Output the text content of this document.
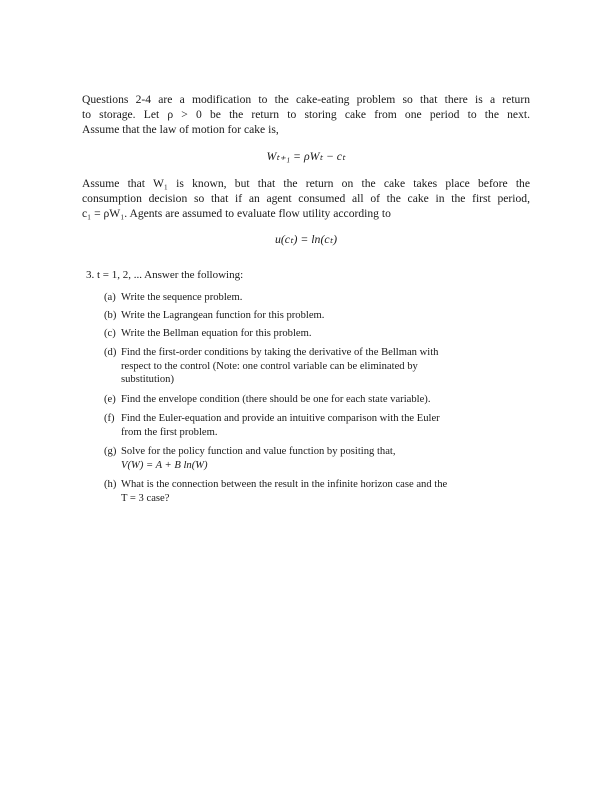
Questions 2-4 are a modification to the cake-eating problem so that there is a return
to storage. Let ρ > 0 be the return to storing cake from one period to the next.
Assume that the law of motion for cake is,

Wₜ₊₁ = ρWₜ − cₜ

Assume that W₁ is known, but that the return on the cake takes place before the
consumption decision so that if an agent consumed all of the cake in the first period,
c₁ = ρW₁. Agents are assumed to evaluate flow utility according to

u(cₜ) = ln(cₜ)

3. t = 1, 2, ... Answer the following:

(a) Write the sequence problem.

(b) Write the Lagrangean function for this problem.

(c) Write the Bellman equation for this problem.

(d) Find the first-order conditions by taking the derivative of the Bellman with
respect to the control (Note: one control variable can be eliminated by
substitution)

(e) Find the envelope condition (there should be one for each state variable).

(f) Find the Euler-equation and provide an intuitive comparison with the Euler
from the first problem.

(g) Solve for the policy function and value function by positing that,
V(W) = A + B ln(W)

(h) What is the connection between the result in the infinite horizon case and the
T = 3 case?
